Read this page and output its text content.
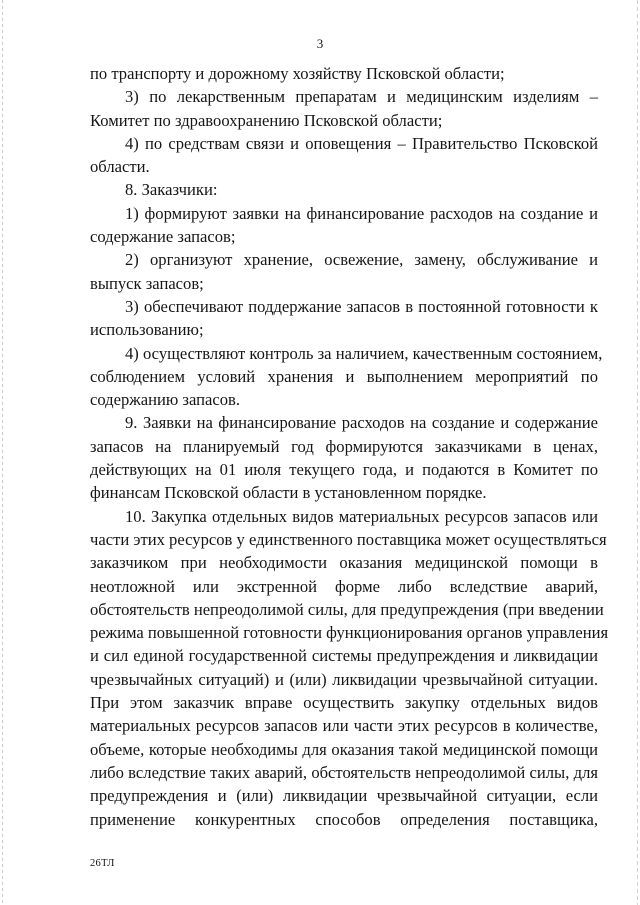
3
по транспорту и дорожному хозяйству Псковской области;
3) по лекарственным препаратам и медицинским изделиям –
Комитет по здравоохранению Псковской области;
4) по средствам связи и оповещения – Правительство Псковской
области.
8. Заказчики:
1) формируют заявки на финансирование расходов на создание и
содержание запасов;
2) организуют хранение, освежение, замену, обслуживание и
выпуск запасов;
3) обеспечивают поддержание запасов в постоянной готовности к
использованию;
4) осуществляют контроль за наличием, качественным состоянием,
соблюдением условий хранения и выполнением мероприятий по
содержанию запасов.
9. Заявки на финансирование расходов на создание и содержание
запасов на планируемый год формируются заказчиками в ценах,
действующих на 01 июля текущего года, и подаются в Комитет по
финансам Псковской области в установленном порядке.
10. Закупка отдельных видов материальных ресурсов запасов или
части этих ресурсов у единственного поставщика может осуществляться
заказчиком при необходимости оказания медицинской помощи в
неотложной или экстренной форме либо вследствие аварий,
обстоятельств непреодолимой силы, для предупреждения (при введении
режима повышенной готовности функционирования органов управления
и сил единой государственной системы предупреждения и ликвидации
чрезвычайных ситуаций) и (или) ликвидации чрезвычайной ситуации.
При этом заказчик вправе осуществить закупку отдельных видов
материальных ресурсов запасов или части этих ресурсов в количестве,
объеме, которые необходимы для оказания такой медицинской помощи
либо вследствие таких аварий, обстоятельств непреодолимой силы, для
предупреждения и (или) ликвидации чрезвычайной ситуации, если
применение конкурентных способов определения поставщика,
26ТЛ
